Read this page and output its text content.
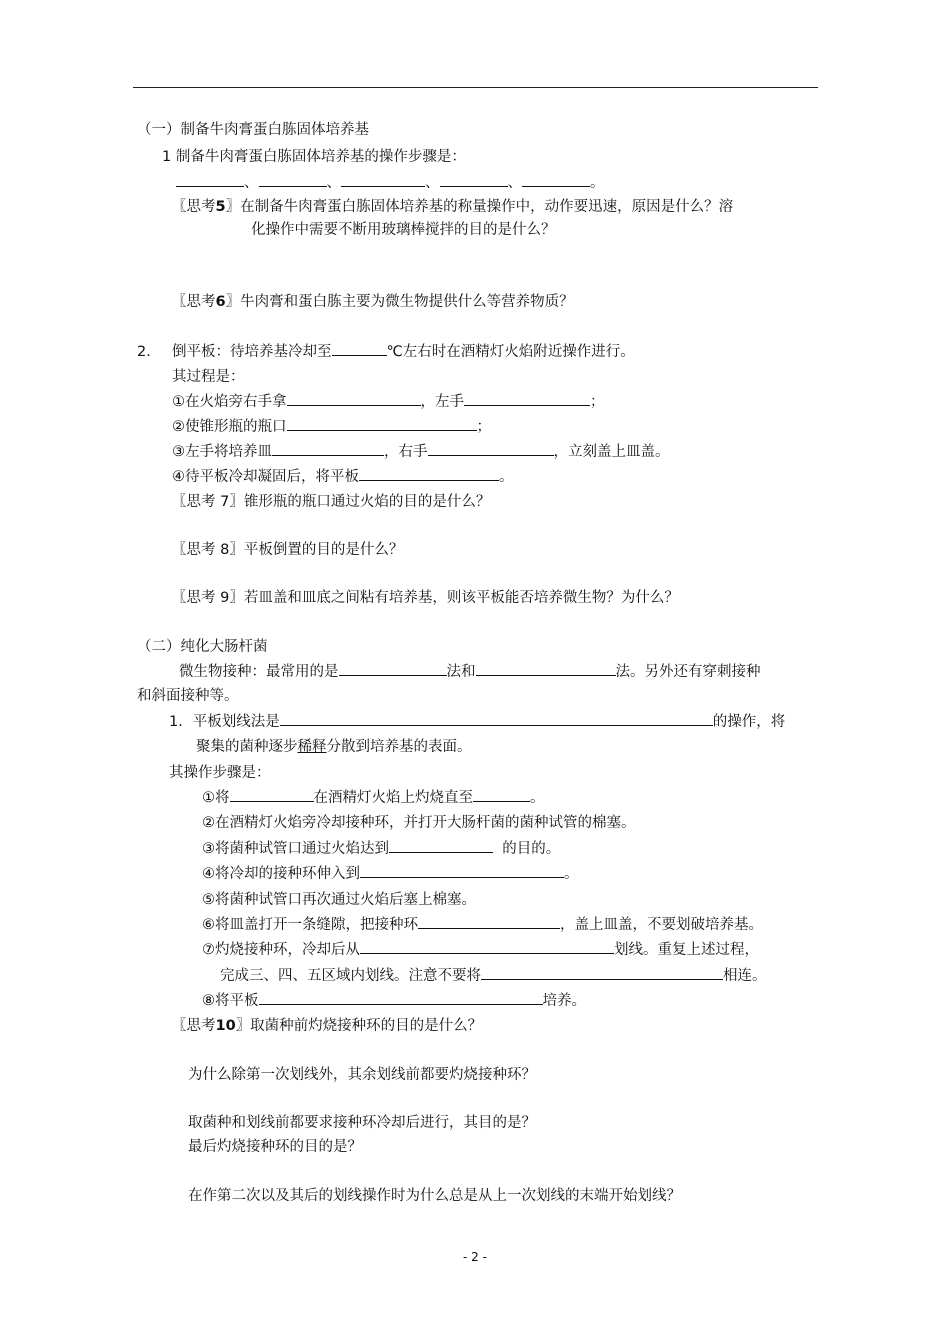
（一）制备牛肉膏蛋白胨固体培养基
1 制备牛肉膏蛋白胨固体培养基的操作步骤是：
、	、	、	、	。
〖思考5〗在制备牛肉膏蛋白胨固体培养基的称量操作中，动作要迅速，原因是什么？溶
化操作中需要不断用玻璃棒搅拌的目的是什么？
〖思考6〗牛肉膏和蛋白胨主要为微生物提供什么等营养物质？
2． 倒平板：待培养基冷却至	℃左右时在酒精灯火焰附近操作进行。
其过程是：
①在火焰旁右手拿	，左手	；
②使锥形瓶的瓶口	；
③左手将培养皿	，右手	，立刻盖上皿盖。
④待平板冷却凝固后，将平板	。
〖思考 7〗锥形瓶的瓶口通过火焰的目的是什么？
〖思考 8〗平板倒置的目的是什么？
〖思考 9〗若皿盖和皿底之间粘有培养基，则该平板能否培养微生物？为什么？
（二）纯化大肠杆菌
微生物接种：最常用的是	法和	法。另外还有穿刺接种
和斜面接种等。
1．平板划线法是	的操作，将
聚集的菌种逐步稀释分散到培养基的表面。
其操作步骤是：
①将	在酒精灯火焰上灼烧直至	。
②在酒精灯火焰旁冷却接种环，并打开大肠杆菌的菌种试管的棉塞。
③将菌种试管口通过火焰达到	的目的。
④将冷却的接种环伸入到	。
⑤将菌种试管口再次通过火焰后塞上棉塞。
⑥将皿盖打开一条缝隙，把接种环	，盖上皿盖，不要划破培养基。
⑦灼烧接种环，冷却后从	划线。重复上述过程，
完成三、四、五区域内划线。注意不要将	相连。
⑧将平板	培养。
〖思考10〗取菌种前灼烧接种环的目的是什么？
为什么除第一次划线外，其余划线前都要灼烧接种环？
取菌种和划线前都要求接种环冷却后进行，其目的是？
最后灼烧接种环的目的是？
在作第二次以及其后的划线操作时为什么总是从上一次划线的末端开始划线？
- 2 -
